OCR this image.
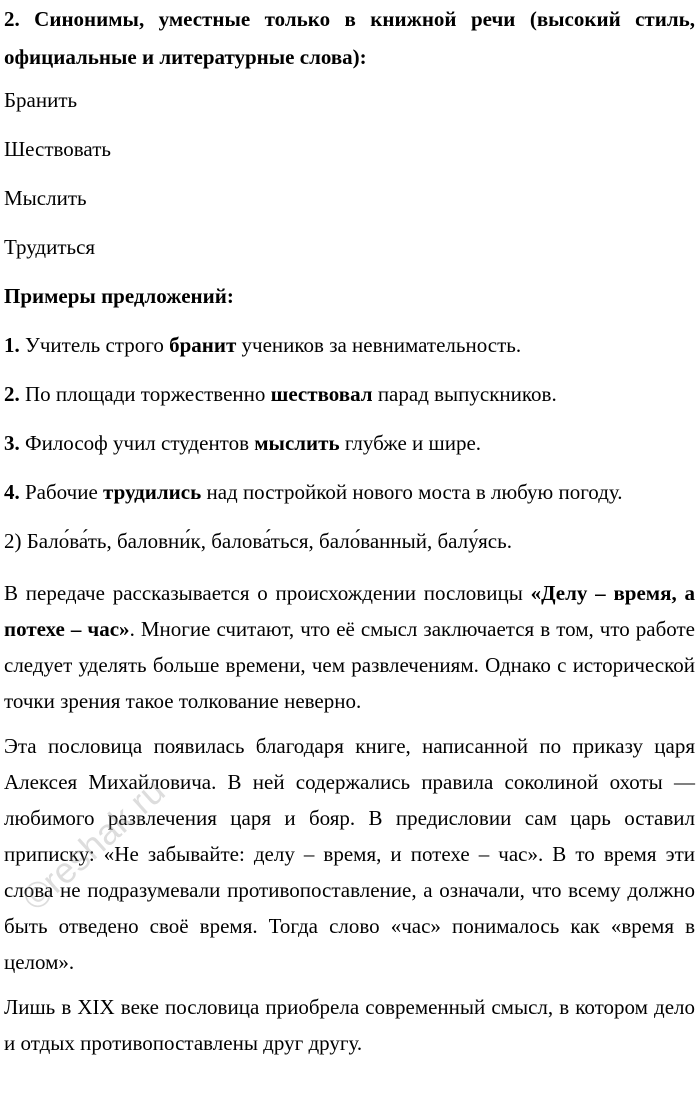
2. Синонимы, уместные только в книжной речи (высокий стиль, официальные и литературные слова):

Бранить

Шествовать

Мыслить

Трудиться

Примеры предложений:

1. Учитель строго бранит учеников за невнимательность.

2. По площади торжественно шествовал парад выпускников.

3. Философ учил студентов мыслить глубже и шире.

4. Рабочие трудились над постройкой нового моста в любую погоду.

2) Бало́ва́ть, баловни́к, балова́ться, бало́ванный, балу́ясь.

В передаче рассказывается о происхождении пословицы «Делу – время, а потехе – час». Многие считают, что её смысл заключается в том, что работе следует уделять больше времени, чем развлечениям. Однако с исторической точки зрения такое толкование неверно.

Эта пословица появилась благодаря книге, написанной по приказу царя Алексея Михайловича. В ней содержались правила соколиной охоты — любимого развлечения царя и бояр. В предисловии сам царь оставил приписку: «Не забывайте: делу – время, и потехе – час». В то время эти слова не подразумевали противопоставление, а означали, что всему должно быть отведено своё время. Тогда слово «час» понималось как «время в целом».

Лишь в XIX веке пословица приобрела современный смысл, в котором дело и отдых противопоставлены друг другу.

©reshak.ru
